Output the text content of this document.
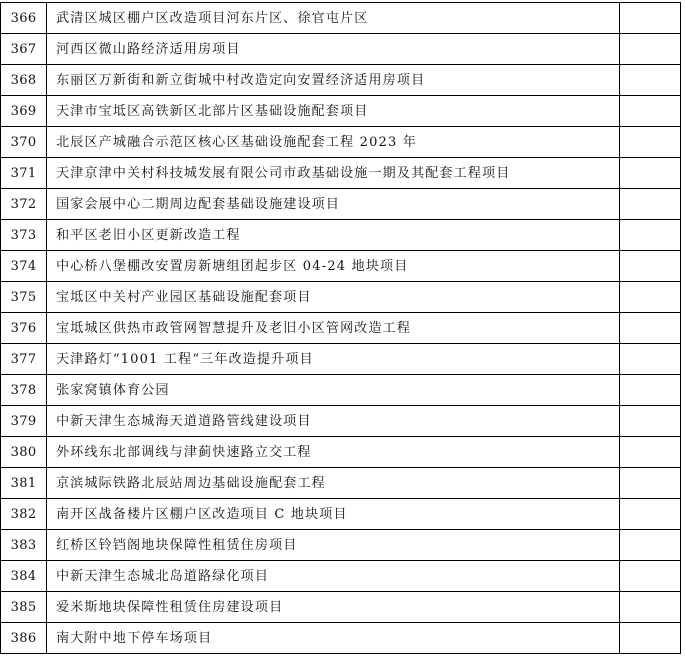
366	武清区城区棚户区改造项目河东片区、徐官屯片区	
367	河西区微山路经济适用房项目	
368	东丽区万新街和新立街城中村改造定向安置经济适用房项目	
369	天津市宝坻区高铁新区北部片区基础设施配套项目	
370	北辰区产城融合示范区核心区基础设施配套工程 2023 年	
371	天津京津中关村科技城发展有限公司市政基础设施一期及其配套工程项目	
372	国家会展中心二期周边配套基础设施建设项目	
373	和平区老旧小区更新改造工程	
374	中心桥八堡棚改安置房新塘组团起步区 04-24 地块项目	
375	宝坻区中关村产业园区基础设施配套项目	
376	宝坻城区供热市政管网智慧提升及老旧小区管网改造工程	
377	天津路灯“1001 工程“三年改造提升项目	
378	张家窝镇体育公园	
379	中新天津生态城海天道道路管线建设项目	
380	外环线东北部调线与津蓟快速路立交工程	
381	京滨城际铁路北辰站周边基础设施配套工程	
382	南开区战备楼片区棚户区改造项目 C 地块项目	
383	红桥区铃铛阁地块保障性租赁住房项目	
384	中新天津生态城北岛道路绿化项目	
385	爱米斯地块保障性租赁住房建设项目	
386	南大附中地下停车场项目	
